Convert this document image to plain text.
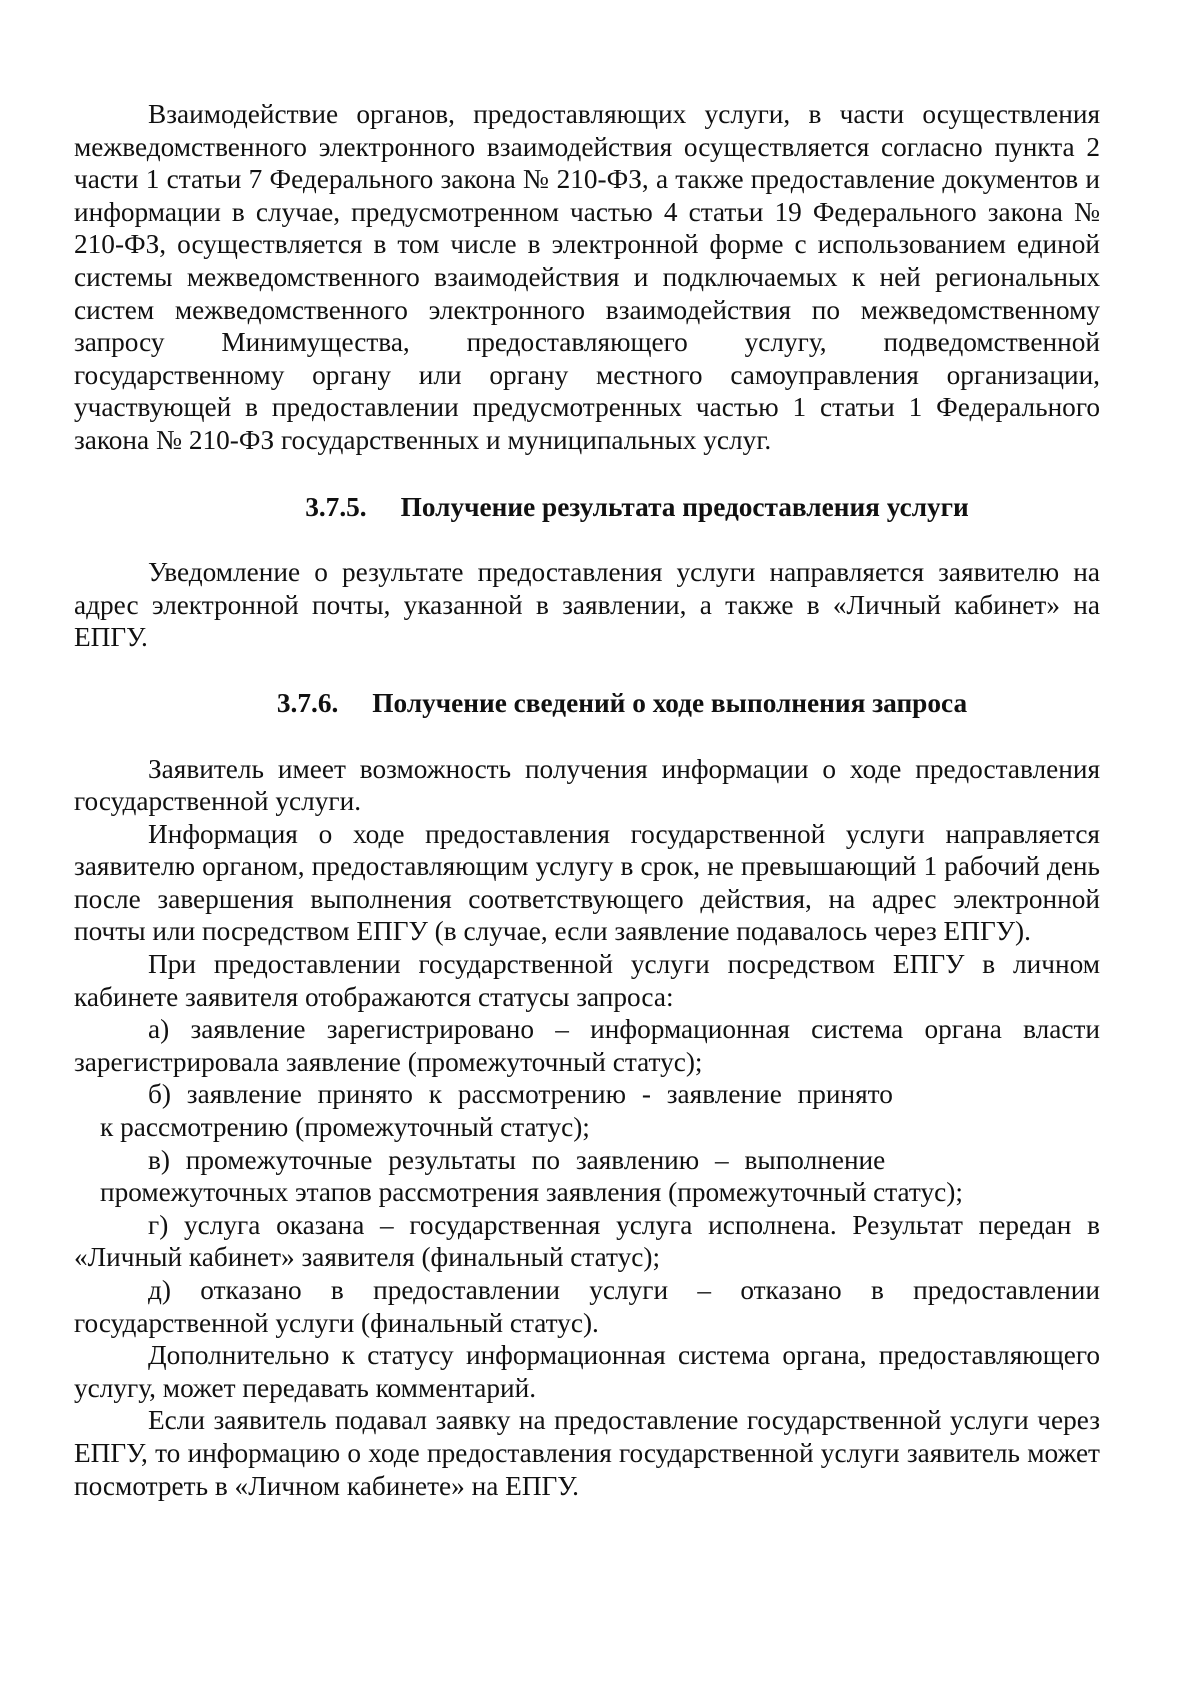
Взаимодействие органов, предоставляющих услуги, в части осуществления межведомственного электронного взаимодействия осуществляется согласно пункта 2 части 1 статьи 7 Федерального закона № 210-ФЗ, а также предоставление документов и информации в случае, предусмотренном частью 4 статьи 19 Федерального закона № 210-ФЗ, осуществляется в том числе в электронной форме с использованием единой системы межведомственного взаимодействия и подключаемых к ней региональных систем межведомственного электронного взаимодействия по межведомственному запросу Минимущества, предоставляющего услугу, подведомственной государственному органу или органу местного самоуправления организации, участвующей в предоставлении предусмотренных частью 1 статьи 1 Федерального закона № 210-ФЗ государственных и муниципальных услуг.

3.7.5. Получение результата предоставления услуги

Уведомление о результате предоставления услуги направляется заявителю на адрес электронной почты, указанной в заявлении, а также в «Личный кабинет» на ЕПГУ.

3.7.6. Получение сведений о ходе выполнения запроса

Заявитель имеет возможность получения информации о ходе предоставления государственной услуги.

Информация о ходе предоставления государственной услуги направляется заявителю органом, предоставляющим услугу в срок, не превышающий 1 рабочий день после завершения выполнения соответствующего действия, на адрес электронной почты или посредством ЕПГУ (в случае, если заявление подавалось через ЕПГУ).

При предоставлении государственной услуги посредством ЕПГУ в личном кабинете заявителя отображаются статусы запроса:

а) заявление зарегистрировано – информационная система органа власти зарегистрировала заявление (промежуточный статус);

б) заявление принято к рассмотрению - заявление принято

к рассмотрению (промежуточный статус);

в) промежуточные результаты по заявлению – выполнение

промежуточных этапов рассмотрения заявления (промежуточный статус);

г) услуга оказана – государственная услуга исполнена. Результат передан в «Личный кабинет» заявителя (финальный статус);

д) отказано в предоставлении услуги – отказано в предоставлении государственной услуги (финальный статус).

Дополнительно к статусу информационная система органа, предоставляющего услугу, может передавать комментарий.

Если заявитель подавал заявку на предоставление государственной услуги через ЕПГУ, то информацию о ходе предоставления государственной услуги заявитель может посмотреть в «Личном кабинете» на ЕПГУ.
